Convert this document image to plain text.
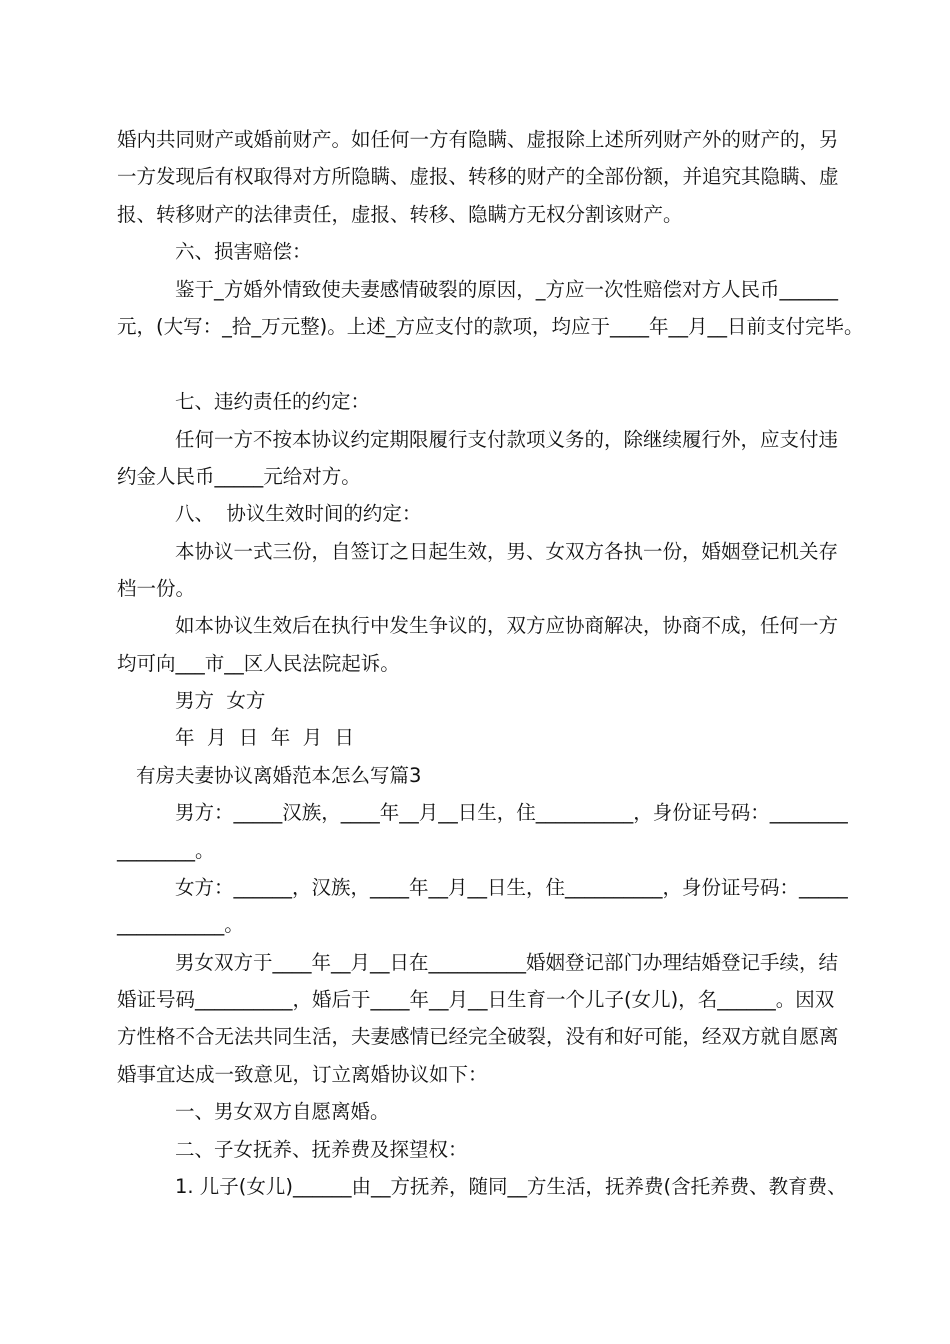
婚内共同财产或婚前财产。如任何一方有隐瞒、虚报除上述所列财产外的财产的，另
一方发现后有权取得对方所隐瞒、虚报、转移的财产的全部份额，并追究其隐瞒、虚
报、转移财产的法律责任，虚报、转移、隐瞒方无权分割该财产。
六、损害赔偿：
鉴于_方婚外情致使夫妻感情破裂的原因，_方应一次性赔偿对方人民币______
元，(大写：_拾_万元整)。上述_方应支付的款项，均应于____年__月__日前支付完毕。
七、违约责任的约定：
任何一方不按本协议约定期限履行支付款项义务的，除继续履行外，应支付违
约金人民币_____元给对方。
八、  协议生效时间的约定：
本协议一式三份，自签订之日起生效，男、女双方各执一份，婚姻登记机关存
档一份。
如本协议生效后在执行中发生争议的，双方应协商解决，协商不成，任何一方
均可向___市__区人民法院起诉。
男方  女方
年  月  日  年  月  日
有房夫妻协议离婚范本怎么写篇3
男方：_____汉族，____年__月__日生，住__________，身份证号码：________
________。
女方：______，汉族，____年__月__日生，住__________，身份证号码：_____
___________。
男女双方于____年__月__日在__________婚姻登记部门办理结婚登记手续，结
婚证号码__________，婚后于____年__月__日生育一个儿子(女儿)，名______。因双
方性格不合无法共同生活，夫妻感情已经完全破裂，没有和好可能，经双方就自愿离
婚事宜达成一致意见，订立离婚协议如下：
一、男女双方自愿离婚。
二、子女抚养、抚养费及探望权：
1. 儿子(女儿)______由__方抚养，随同__方生活，抚养费(含托养费、教育费、
